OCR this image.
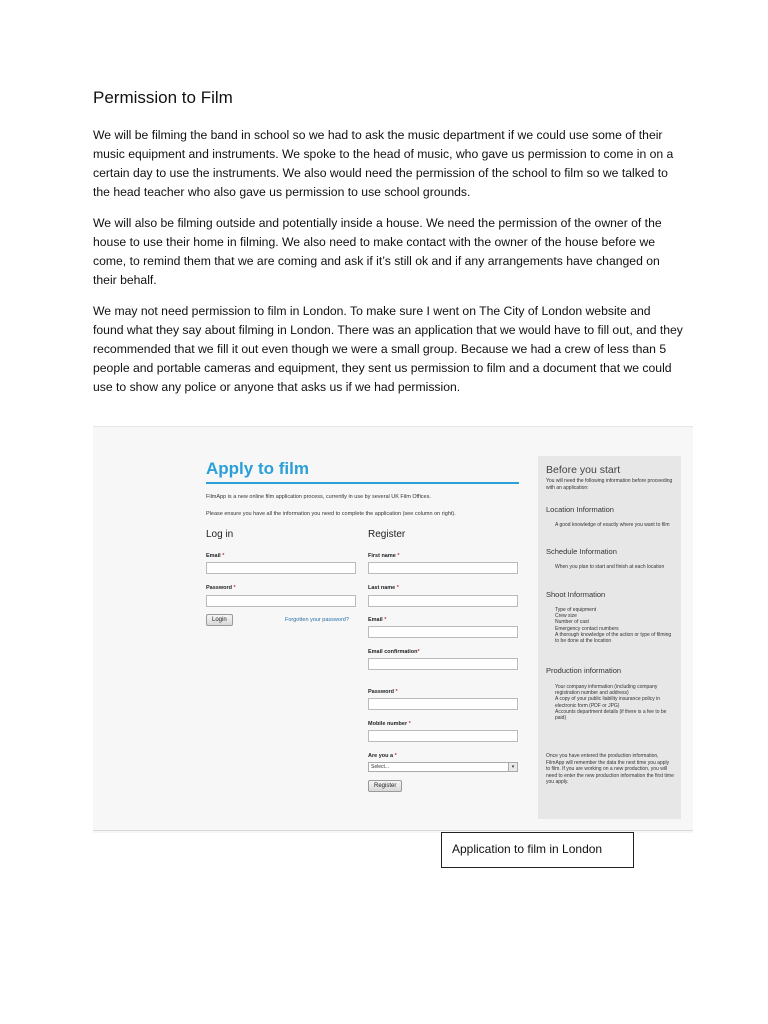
Permission to Film

We will be filming the band in school so we had to ask the music department if we could use some of their music equipment and instruments. We spoke to the head of music, who gave us permission to come in on a certain day to use the instruments. We also would need the permission of the school to film so we talked to the head teacher who also gave us permission to use school grounds.

We will also be filming outside and potentially inside a house. We need the permission of the owner of the house to use their home in filming. We also need to make contact with the owner of the house before we come, to remind them that we are coming and ask if it’s still ok and if any arrangements have changed on their behalf.

We may not need permission to film in London. To make sure I went on The City of London website and found what they say about filming in London. There was an application that we would have to fill out, and they recommended that we fill it out even though we were a small group. Because we had a crew of less than 5 people and portable cameras and equipment, they sent us permission to film and a document that we could use to show any police or anyone that asks us if we had permission.

Apply to film
FilmApp is a new online film application process, currently in use by several UK Film Offices.
Please ensure you have all the information you need to complete the application (see column on right).
Log in
Email *
Password *
Login	Forgotten your password?
Register
First name *
Last name *
Email *
Email confirmation*
Password *
Mobile number *
Are you a *
Select...	▾
Register
Before you start
You will need the following information before proceeding with an application:
Location Information
A good knowledge of exactly where you want to film
Schedule Information
When you plan to start and finish at each location
Shoot Information
Type of equipment
Crew size
Number of cast
Emergency contact numbers
A thorough knowledge of the action or type of filming to be done at the location
Production information
Your company information (including company registration number and address)
A copy of your public liability insurance policy in electronic form (PDF or JPG)
Accounts department details (if there is a fee to be paid)
Once you have entered the production information, FilmApp will remember the data the next time you apply to film. If you are working on a new production, you will need to enter the new production information the first time you apply.
Application to film in London
